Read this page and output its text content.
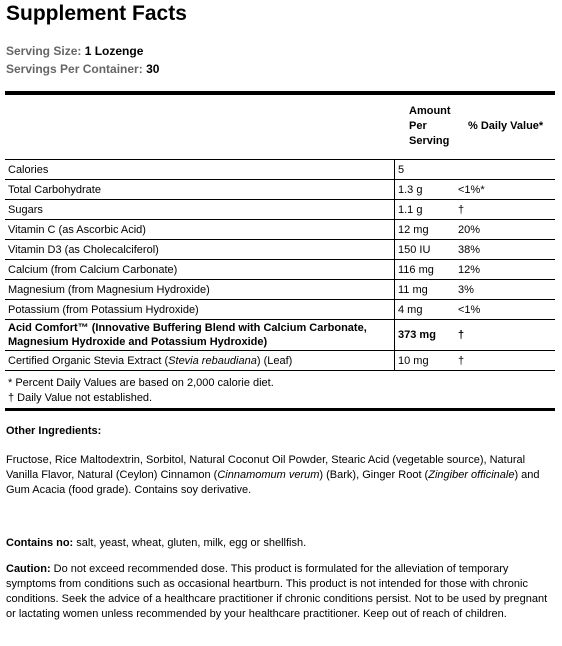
Supplement Facts
Serving Size: 1 Lozenge
Servings Per Container: 30
Amount
Per
Serving
% Daily Value*
Calories	5	
Total Carbohydrate	1.3 g	<1%*
Sugars	1.1 g	†
Vitamin C (as Ascorbic Acid)	12 mg	20%
Vitamin D3 (as Cholecalciferol)	150 IU	38%
Calcium (from Calcium Carbonate)	116 mg	12%
Magnesium (from Magnesium Hydroxide)	11 mg	3%
Potassium (from Potassium Hydroxide)	4 mg	<1%

Acid Comfort™ (Innovative Buffering Blend with Calcium Carbonate,
Magnesium Hydroxide and Potassium Hydroxide)	373 mg	†
Certified Organic Stevia Extract (Stevia rebaudiana) (Leaf)	10 mg	†
* Percent Daily Values are based on 2,000 calorie diet.
† Daily Value not established.
Other Ingredients:
Fructose, Rice Maltodextrin, Sorbitol, Natural Coconut Oil Powder, Stearic Acid (vegetable source), Natural Vanilla Flavor, Natural (Ceylon) Cinnamon (Cinnamomum verum) (Bark), Ginger Root (Zingiber officinale) and Gum Acacia (food grade). Contains soy derivative.
Contains no: salt, yeast, wheat, gluten, milk, egg or shellfish.
Caution: Do not exceed recommended dose. This product is formulated for the alleviation of temporary symptoms from conditions such as occasional heartburn. This product is not intended for those with chronic conditions. Seek the advice of a healthcare practitioner if chronic conditions persist. Not to be used by pregnant or lactating women unless recommended by your healthcare practitioner. Keep out of reach of children.
